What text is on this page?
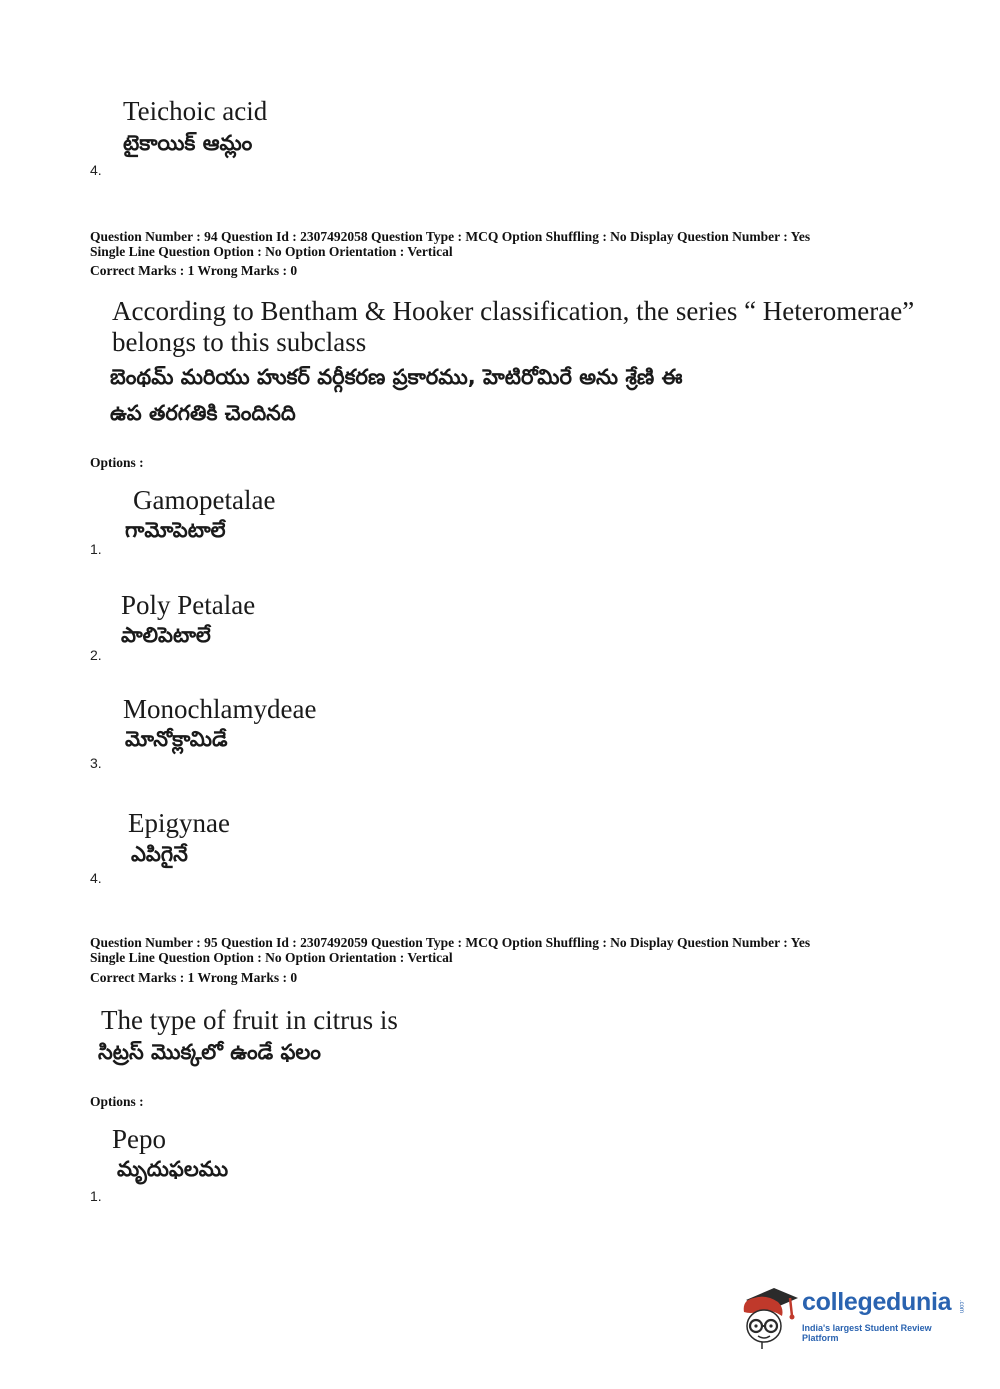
Teichoic acid
టైకాయిక్ ఆమ్లం
4.
Question Number : 94 Question Id : 2307492058 Question Type : MCQ Option Shuffling : No Display Question Number : Yes
Single Line Question Option : No Option Orientation : Vertical
Correct Marks : 1 Wrong Marks : 0
According to Bentham & Hooker classification, the series “ Heteromerae”
belongs to this subclass
బెంథమ్ మరియు హుకర్ వర్గీకరణ ప్రకారము, హెటిరోమిరే అను శ్రేణి ఈ
ఉప తరగతికి చెందినది
Options :
Gamopetalae
గామోపెటాలే
1.
Poly Petalae
పాలిపెటాలే
2.
Monochlamydeae
మోనోక్లామిడే
3.
Epigynae
ఎపిగైనే
4.
Question Number : 95 Question Id : 2307492059 Question Type : MCQ Option Shuffling : No Display Question Number : Yes
Single Line Question Option : No Option Orientation : Vertical
Correct Marks : 1 Wrong Marks : 0
The type of fruit in citrus is
సిట్రస్ మొక్కలో ఉండే ఫలం
Options :
Pepo
మృదుఫలము
1.
collegedunia .com
India's largest Student Review Platform
